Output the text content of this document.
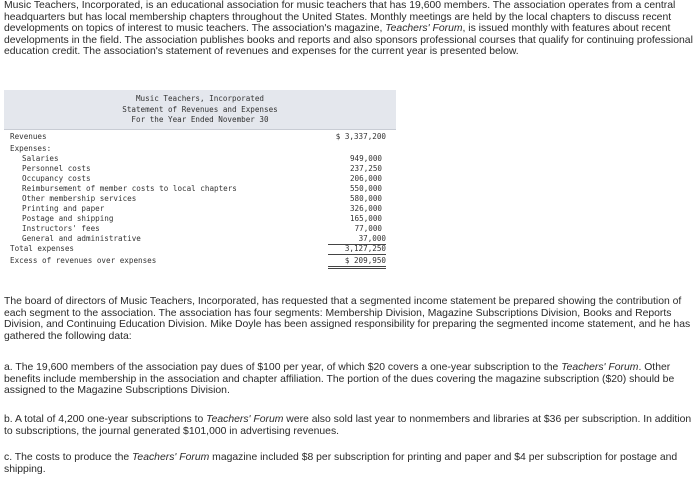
Music Teachers, Incorporated, is an educational association for music teachers that has 19,600 members. The association operates from a central headquarters but has local membership chapters throughout the United States. Monthly meetings are held by the local chapters to discuss recent developments on topics of interest to music teachers. The association's magazine, Teachers' Forum, is issued monthly with features about recent developments in the field. The association publishes books and reports and also sponsors professional courses that qualify for continuing professional education credit. The association's statement of revenues and expenses for the current year is presented below.

Music Teachers, Incorporated
Statement of Revenues and Expenses
For the Year Ended November 30
Revenues	$ 3,337,200
Expenses:
Salaries	949,000
Personnel costs	237,250
Occupancy costs	206,000
Reimbursement of member costs to local chapters	550,000
Other membership services	580,000
Printing and paper	326,000
Postage and shipping	165,000
Instructors' fees	77,000
General and administrative	37,000
Total expenses	3,127,250
Excess of revenues over expenses	$ 209,950

The board of directors of Music Teachers, Incorporated, has requested that a segmented income statement be prepared showing the contribution of each segment to the association. The association has four segments: Membership Division, Magazine Subscriptions Division, Books and Reports Division, and Continuing Education Division. Mike Doyle has been assigned responsibility for preparing the segmented income statement, and he has gathered the following data:

a. The 19,600 members of the association pay dues of $100 per year, of which $20 covers a one-year subscription to the Teachers' Forum. Other benefits include membership in the association and chapter affiliation. The portion of the dues covering the magazine subscription ($20) should be assigned to the Magazine Subscriptions Division.

b. A total of 4,200 one-year subscriptions to Teachers' Forum were also sold last year to nonmembers and libraries at $36 per subscription. In addition to subscriptions, the journal generated $101,000 in advertising revenues.

c. The costs to produce the Teachers' Forum magazine included $8 per subscription for printing and paper and $4 per subscription for postage and shipping.
